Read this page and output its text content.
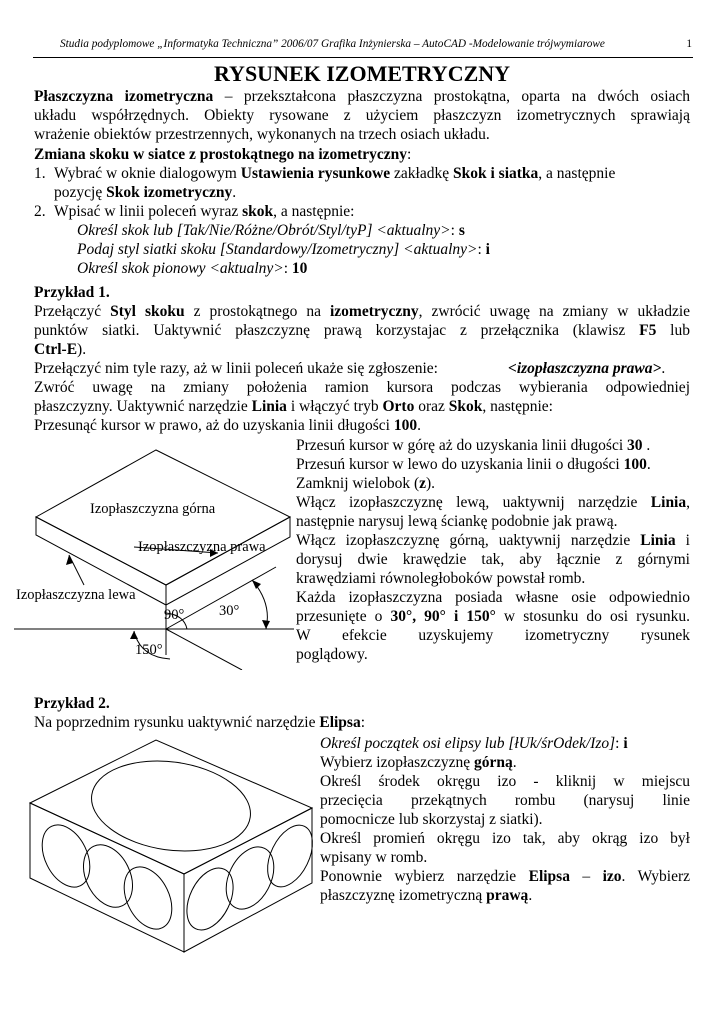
Studia podyplomowe „Informatyka Techniczna” 2006/07 Grafika Inżynierska – AutoCAD -Modelowanie trójwymiarowe	1
RYSUNEK IZOMETRYCZNY
Płaszczyzna izometryczna – przekształcona płaszczyzna prostokątna, oparta na dwóch osiach
układu współrzędnych. Obiekty rysowane z użyciem płaszczyzn izometrycznych sprawiają
wrażenie obiektów przestrzennych, wykonanych na trzech osiach układu.
Zmiana skoku w siatce z prostokątnego na izometryczny:
1. Wybrać w oknie dialogowym Ustawienia rysunkowe zakładkę Skok i siatka, a następnie
pozycję Skok izometryczny.
2. Wpisać w linii poleceń wyraz skok, a następnie:
Określ skok lub [Tak/Nie/Różne/Obrót/Styl/tyP] <aktualny>: s
Podaj styl siatki skoku [Standardowy/Izometryczny] <aktualny>: i
Określ skok pionowy <aktualny>: 10
Przykład 1.
Przełączyć Styl skoku z prostokątnego na izometryczny, zwrócić uwagę na zmiany w układzie
punktów siatki. Uaktywnić płaszczyznę prawą korzystajac z przełącznika (klawisz F5 lub
Ctrl-E).
Przełączyć nim tyle razy, aż w linii poleceń ukaże się zgłoszenie:	<izopłaszczyzna prawa>.
Zwróć uwagę na zmiany położenia ramion kursora podczas wybierania odpowiedniej
płaszczyzny. Uaktywnić narzędzie Linia i włączyć tryb Orto oraz Skok, następnie:
Przesunąć kursor w prawo, aż do uzyskania linii długości 100.
Przesuń kursor w górę aż do uzyskania linii długości 30 .
Przesuń kursor w lewo do uzyskania linii o długości 100.
Zamknij wielobok (z).
Włącz izopłaszczyznę lewą, uaktywnij narzędzie Linia,
następnie narysuj lewą ściankę podobnie jak prawą.
Włącz izopłaszczyznę górną, uaktywnij narzędzie Linia i
dorysuj dwie krawędzie tak, aby łącznie z górnymi
krawędziami równoległoboków powstał romb.
Każda izopłaszczyzna posiada własne osie odpowiednio
przesunięte o 30°, 90° i 150° w stosunku do osi rysunku.
W efekcie uzyskujemy izometryczny rysunek
poglądowy.
Izopłaszczyzna górna
Izopłaszczyzna prawa
Izopłaszczyzna lewa
90° 30°
150°
Przykład 2.
Na poprzednim rysunku uaktywnić narzędzie Elipsa:
Określ początek osi elipsy lub [łUk/śrOdek/Izo]: i
Wybierz izopłaszczyznę górną.
Określ środek okręgu izo - kliknij w miejscu
przecięcia przekątnych rombu (narysuj linie
pomocnicze lub skorzystaj z siatki).
Określ promień okręgu izo tak, aby okrąg izo był
wpisany w romb.
Ponownie wybierz narzędzie Elipsa – izo. Wybierz
płaszczyznę izometryczną prawą.
